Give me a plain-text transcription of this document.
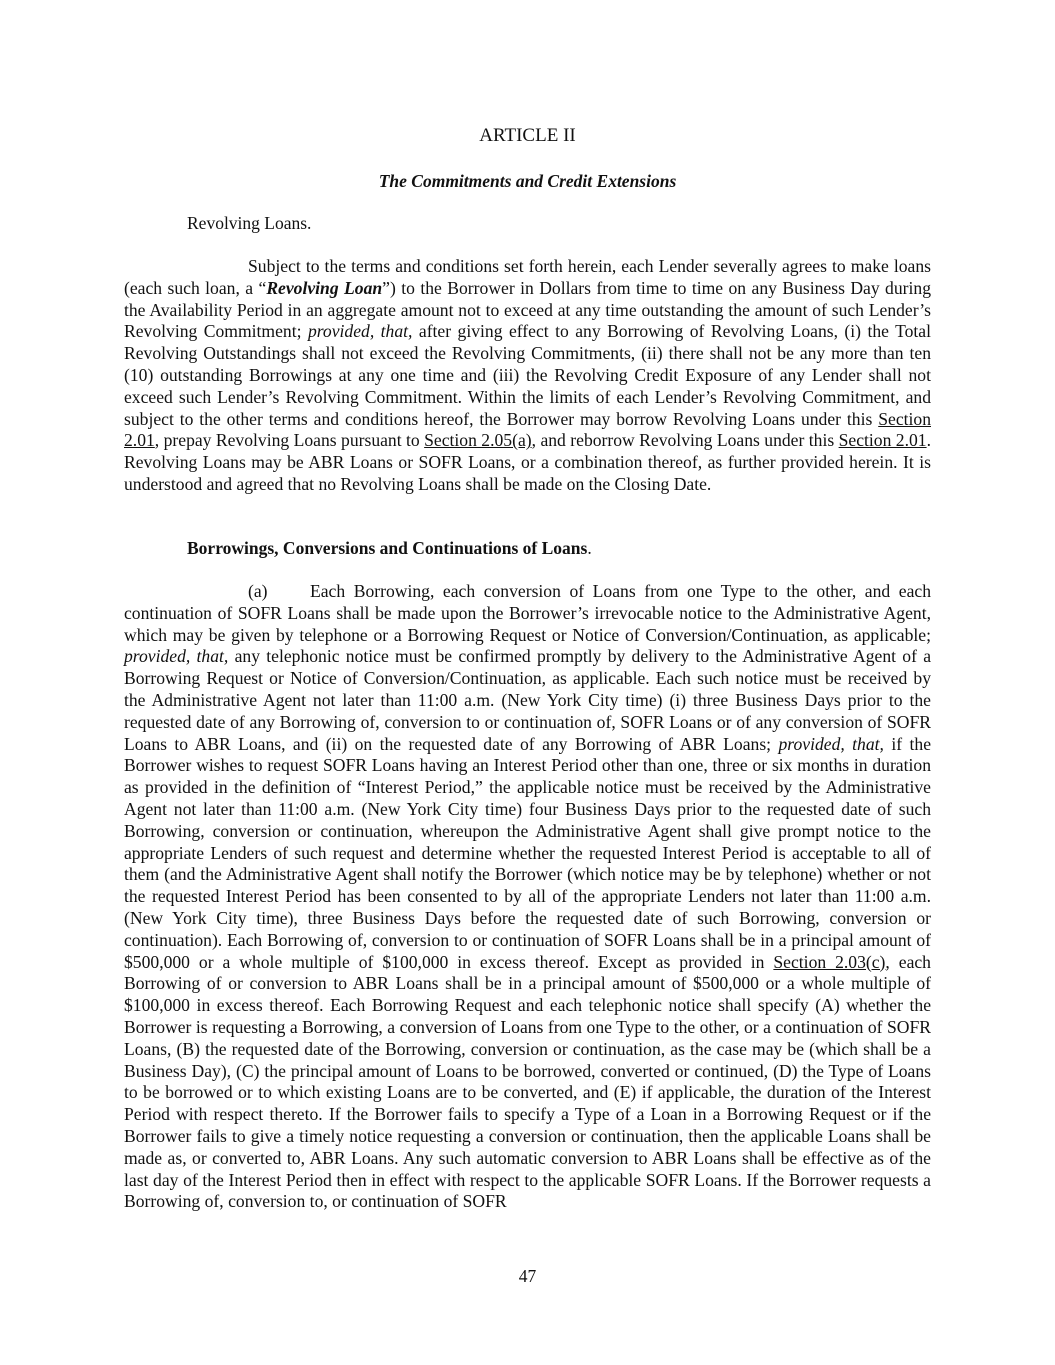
ARTICLE II
The Commitments and Credit Extensions

Revolving Loans.

Subject to the terms and conditions set forth herein, each Lender severally agrees to make loans (each such loan, a “Revolving Loan”) to the Borrower in Dollars from time to time on any Business Day during the Availability Period in an aggregate amount not to exceed at any time outstanding the amount of such Lender’s Revolving Commitment; provided, that, after giving effect to any Borrowing of Revolving Loans, (i) the Total Revolving Outstandings shall not exceed the Revolving Commitments, (ii) there shall not be any more than ten (10) outstanding Borrowings at any one time and (iii) the Revolving Credit Exposure of any Lender shall not exceed such Lender’s Revolving Commitment. Within the limits of each Lender’s Revolving Commitment, and subject to the other terms and conditions hereof, the Borrower may borrow Revolving Loans under this Section 2.01, prepay Revolving Loans pursuant to Section 2.05(a), and reborrow Revolving Loans under this Section 2.01. Revolving Loans may be ABR Loans or SOFR Loans, or a combination thereof, as further provided herein. It is understood and agreed that no Revolving Loans shall be made on the Closing Date.

Borrowings, Conversions and Continuations of Loans.

(a) Each Borrowing, each conversion of Loans from one Type to the other, and each continuation of SOFR Loans shall be made upon the Borrower’s irrevocable notice to the Administrative Agent, which may be given by telephone or a Borrowing Request or Notice of Conversion/Continuation, as applicable; provided, that, any telephonic notice must be confirmed promptly by delivery to the Administrative Agent of a Borrowing Request or Notice of Conversion/Continuation, as applicable. Each such notice must be received by the Administrative Agent not later than 11:00 a.m. (New York City time) (i) three Business Days prior to the requested date of any Borrowing of, conversion to or continuation of, SOFR Loans or of any conversion of SOFR Loans to ABR Loans, and (ii) on the requested date of any Borrowing of ABR Loans; provided, that, if the Borrower wishes to request SOFR Loans having an Interest Period other than one, three or six months in duration as provided in the definition of “Interest Period,” the applicable notice must be received by the Administrative Agent not later than 11:00 a.m. (New York City time) four Business Days prior to the requested date of such Borrowing, conversion or continuation, whereupon the Administrative Agent shall give prompt notice to the appropriate Lenders of such request and determine whether the requested Interest Period is acceptable to all of them (and the Administrative Agent shall notify the Borrower (which notice may be by telephone) whether or not the requested Interest Period has been consented to by all of the appropriate Lenders not later than 11:00 a.m. (New York City time), three Business Days before the requested date of such Borrowing, conversion or continuation). Each Borrowing of, conversion to or continuation of SOFR Loans shall be in a principal amount of $500,000 or a whole multiple of $100,000 in excess thereof. Except as provided in Section 2.03(c), each Borrowing of or conversion to ABR Loans shall be in a principal amount of $500,000 or a whole multiple of $100,000 in excess thereof. Each Borrowing Request and each telephonic notice shall specify (A) whether the Borrower is requesting a Borrowing, a conversion of Loans from one Type to the other, or a continuation of SOFR Loans, (B) the requested date of the Borrowing, conversion or continuation, as the case may be (which shall be a Business Day), (C) the principal amount of Loans to be borrowed, converted or continued, (D) the Type of Loans to be borrowed or to which existing Loans are to be converted, and (E) if applicable, the duration of the Interest Period with respect thereto. If the Borrower fails to specify a Type of a Loan in a Borrowing Request or if the Borrower fails to give a timely notice requesting a conversion or continuation, then the applicable Loans shall be made as, or converted to, ABR Loans. Any such automatic conversion to ABR Loans shall be effective as of the last day of the Interest Period then in effect with respect to the applicable SOFR Loans. If the Borrower requests a Borrowing of, conversion to, or continuation of SOFR

47
